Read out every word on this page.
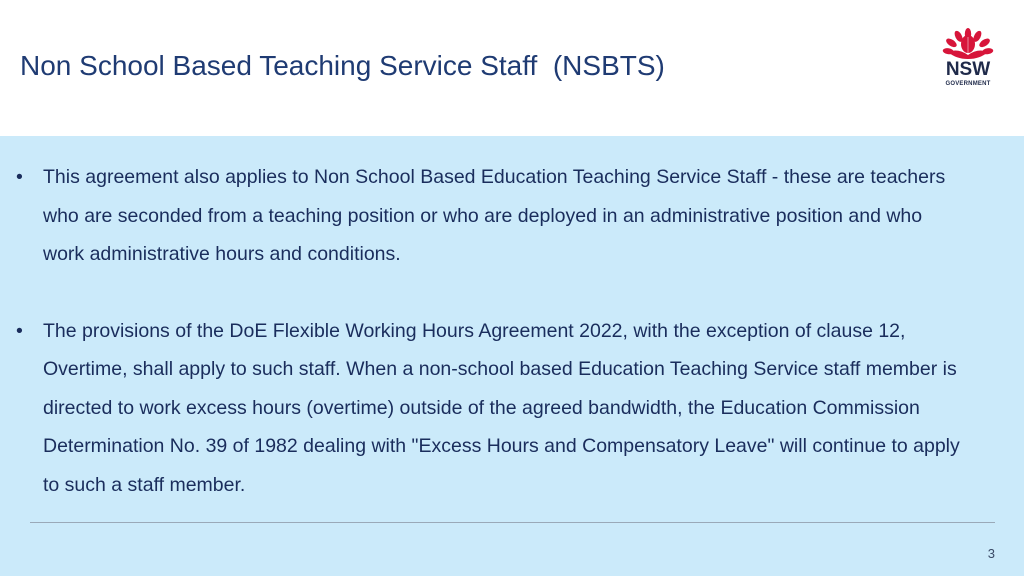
Non School Based Teaching Service Staff  (NSBTS)	NSW
GOVERNMENT
• This agreement also applies to Non School Based Education Teaching Service Staff - these are teachers who are seconded from a teaching position or who are deployed in an administrative position and who work administrative hours and conditions.
• The provisions of the DoE Flexible Working Hours Agreement 2022, with the exception of clause 12, Overtime, shall apply to such staff. When a non-school based Education Teaching Service staff member is directed to work excess hours (overtime) outside of the agreed bandwidth, the Education Commission Determination No. 39 of 1982 dealing with "Excess Hours and Compensatory Leave" will continue to apply to such a staff member.
3
